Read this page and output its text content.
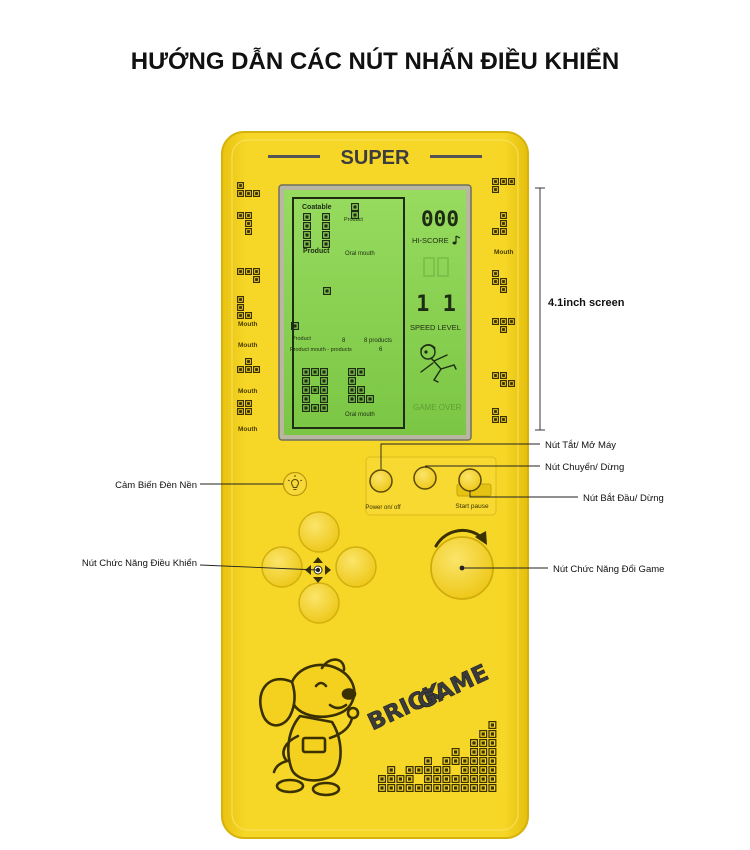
HƯỚNG DẪN CÁC NÚT NHẤN ĐIỀU KHIỂN
SUPER
Mouth
Mouth
Mouth
Mouth
Mouth
Coatable
Product
Product	Oral mouth
Product	8	8 products
Product mouth - products	6
Oral mouth
000
HI-SCORE
1 1
SPEED LEVEL
GAME OVER
Power on/ off	Start pause
BRICK
GAME
4.1inch screen
Nút Tắt/ Mở Máy
Nút Chuyển/ Dừng
Nút Bắt Đầu/ Dừng
Cảm Biến Đèn Nền
Nút Chức Năng Điều Khiển
Nút Chức Năng Đổi Game
